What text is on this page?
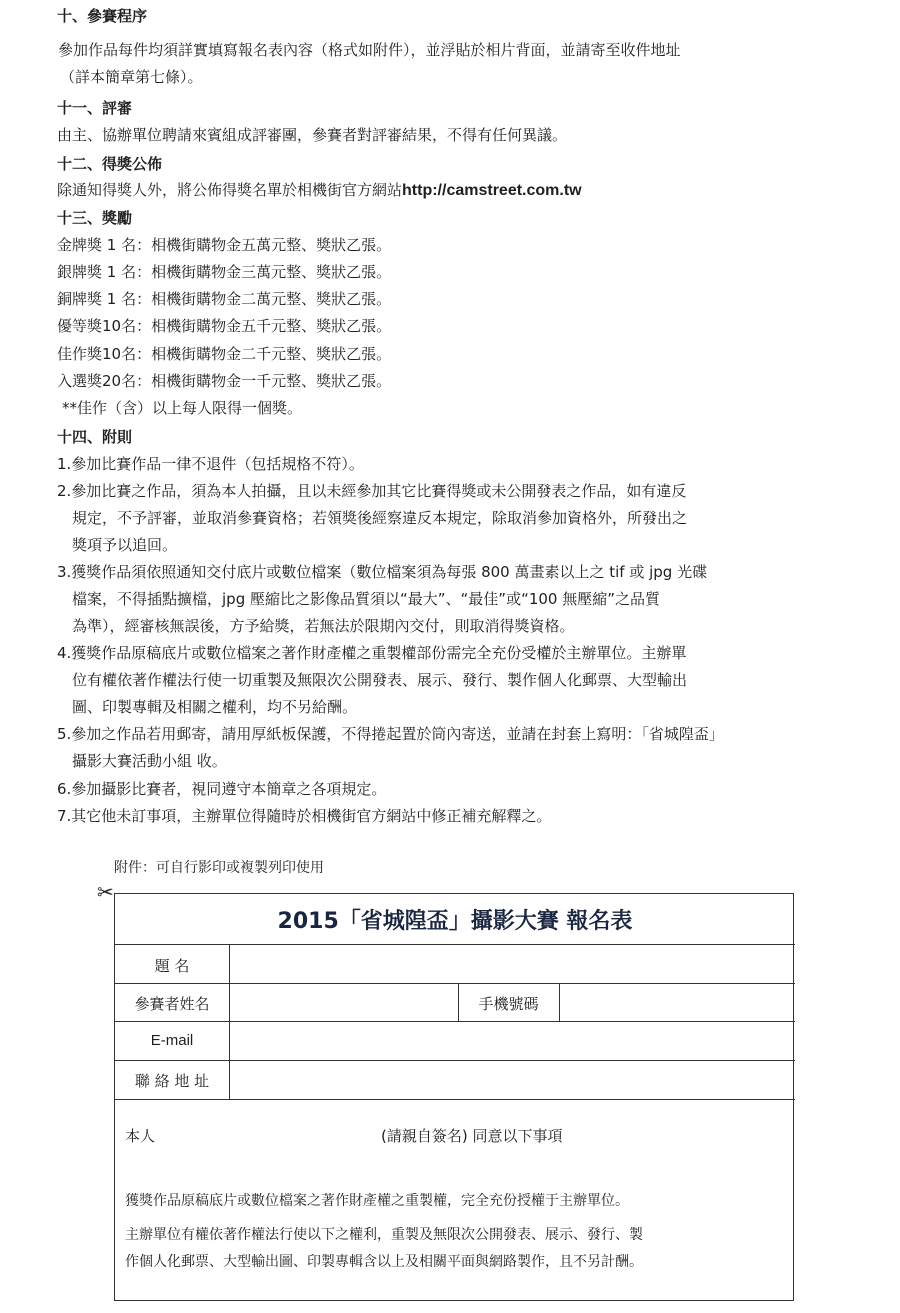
十、參賽程序
參加作品每件均須詳實填寫報名表內容（格式如附件），並浮貼於相片背面，並請寄至收件地址
（詳本簡章第七條）。
十一、評審
由主、協辦單位聘請來賓組成評審團，參賽者對評審結果，不得有任何異議。
十二、得獎公佈
除通知得獎人外，將公佈得獎名單於相機街官方網站http://camstreet.com.tw
十三、獎勵
金牌獎 1 名：相機街購物金五萬元整、獎狀乙張。
銀牌獎 1 名：相機街購物金三萬元整、獎狀乙張。
銅牌獎 1 名：相機街購物金二萬元整、獎狀乙張。
優等獎10名：相機街購物金五千元整、獎狀乙張。
佳作獎10名：相機街購物金二千元整、獎狀乙張。
入選獎20名：相機街購物金一千元整、獎狀乙張。
**佳作（含）以上每人限得一個獎。
十四、附則
1.參加比賽作品一律不退件（包括規格不符）。
2.參加比賽之作品，須為本人拍攝，且以未經參加其它比賽得獎或未公開發表之作品，如有違反
規定，不予評審，並取消參賽資格；若領獎後經察違反本規定，除取消參加資格外，所發出之
獎項予以追回。
3.獲獎作品須依照通知交付底片或數位檔案（數位檔案須為每張 800 萬畫素以上之 tif 或 jpg 光碟
檔案，不得插點擴檔，jpg 壓縮比之影像品質須以“最大”、“最佳”或“100 無壓縮”之品質
為準），經審核無誤後，方予給獎，若無法於限期內交付，則取消得獎資格。
4.獲獎作品原稿底片或數位檔案之著作財產權之重製權部份需完全充份受權於主辦單位。主辦單
位有權依著作權法行使一切重製及無限次公開發表、展示、發行、製作個人化郵票、大型輸出
圖、印製專輯及相關之權利，均不另給酬。
5.參加之作品若用郵寄，請用厚紙板保護，不得捲起置於筒內寄送，並請在封套上寫明：「省城隍盃」
攝影大賽活動小組 收。
6.參加攝影比賽者，視同遵守本簡章之各項規定。
7.其它他未訂事項，主辦單位得隨時於相機街官方網站中修正補充解釋之。
附件：可自行影印或複製列印使用
✂
2015「省城隍盃」攝影大賽 報名表
題 名
參賽者姓名	手機號碼
E-mail
聯 絡 地 址
本人	(請親自簽名) 同意以下事項
獲獎作品原稿底片或數位檔案之著作財產權之重製權，完全充份授權于主辦單位。
主辦單位有權依著作權法行使以下之權利，重製及無限次公開發表、展示、發行、製
作個人化郵票、大型輸出圖、印製專輯含以上及相關平面與網路製作，且不另計酬。
